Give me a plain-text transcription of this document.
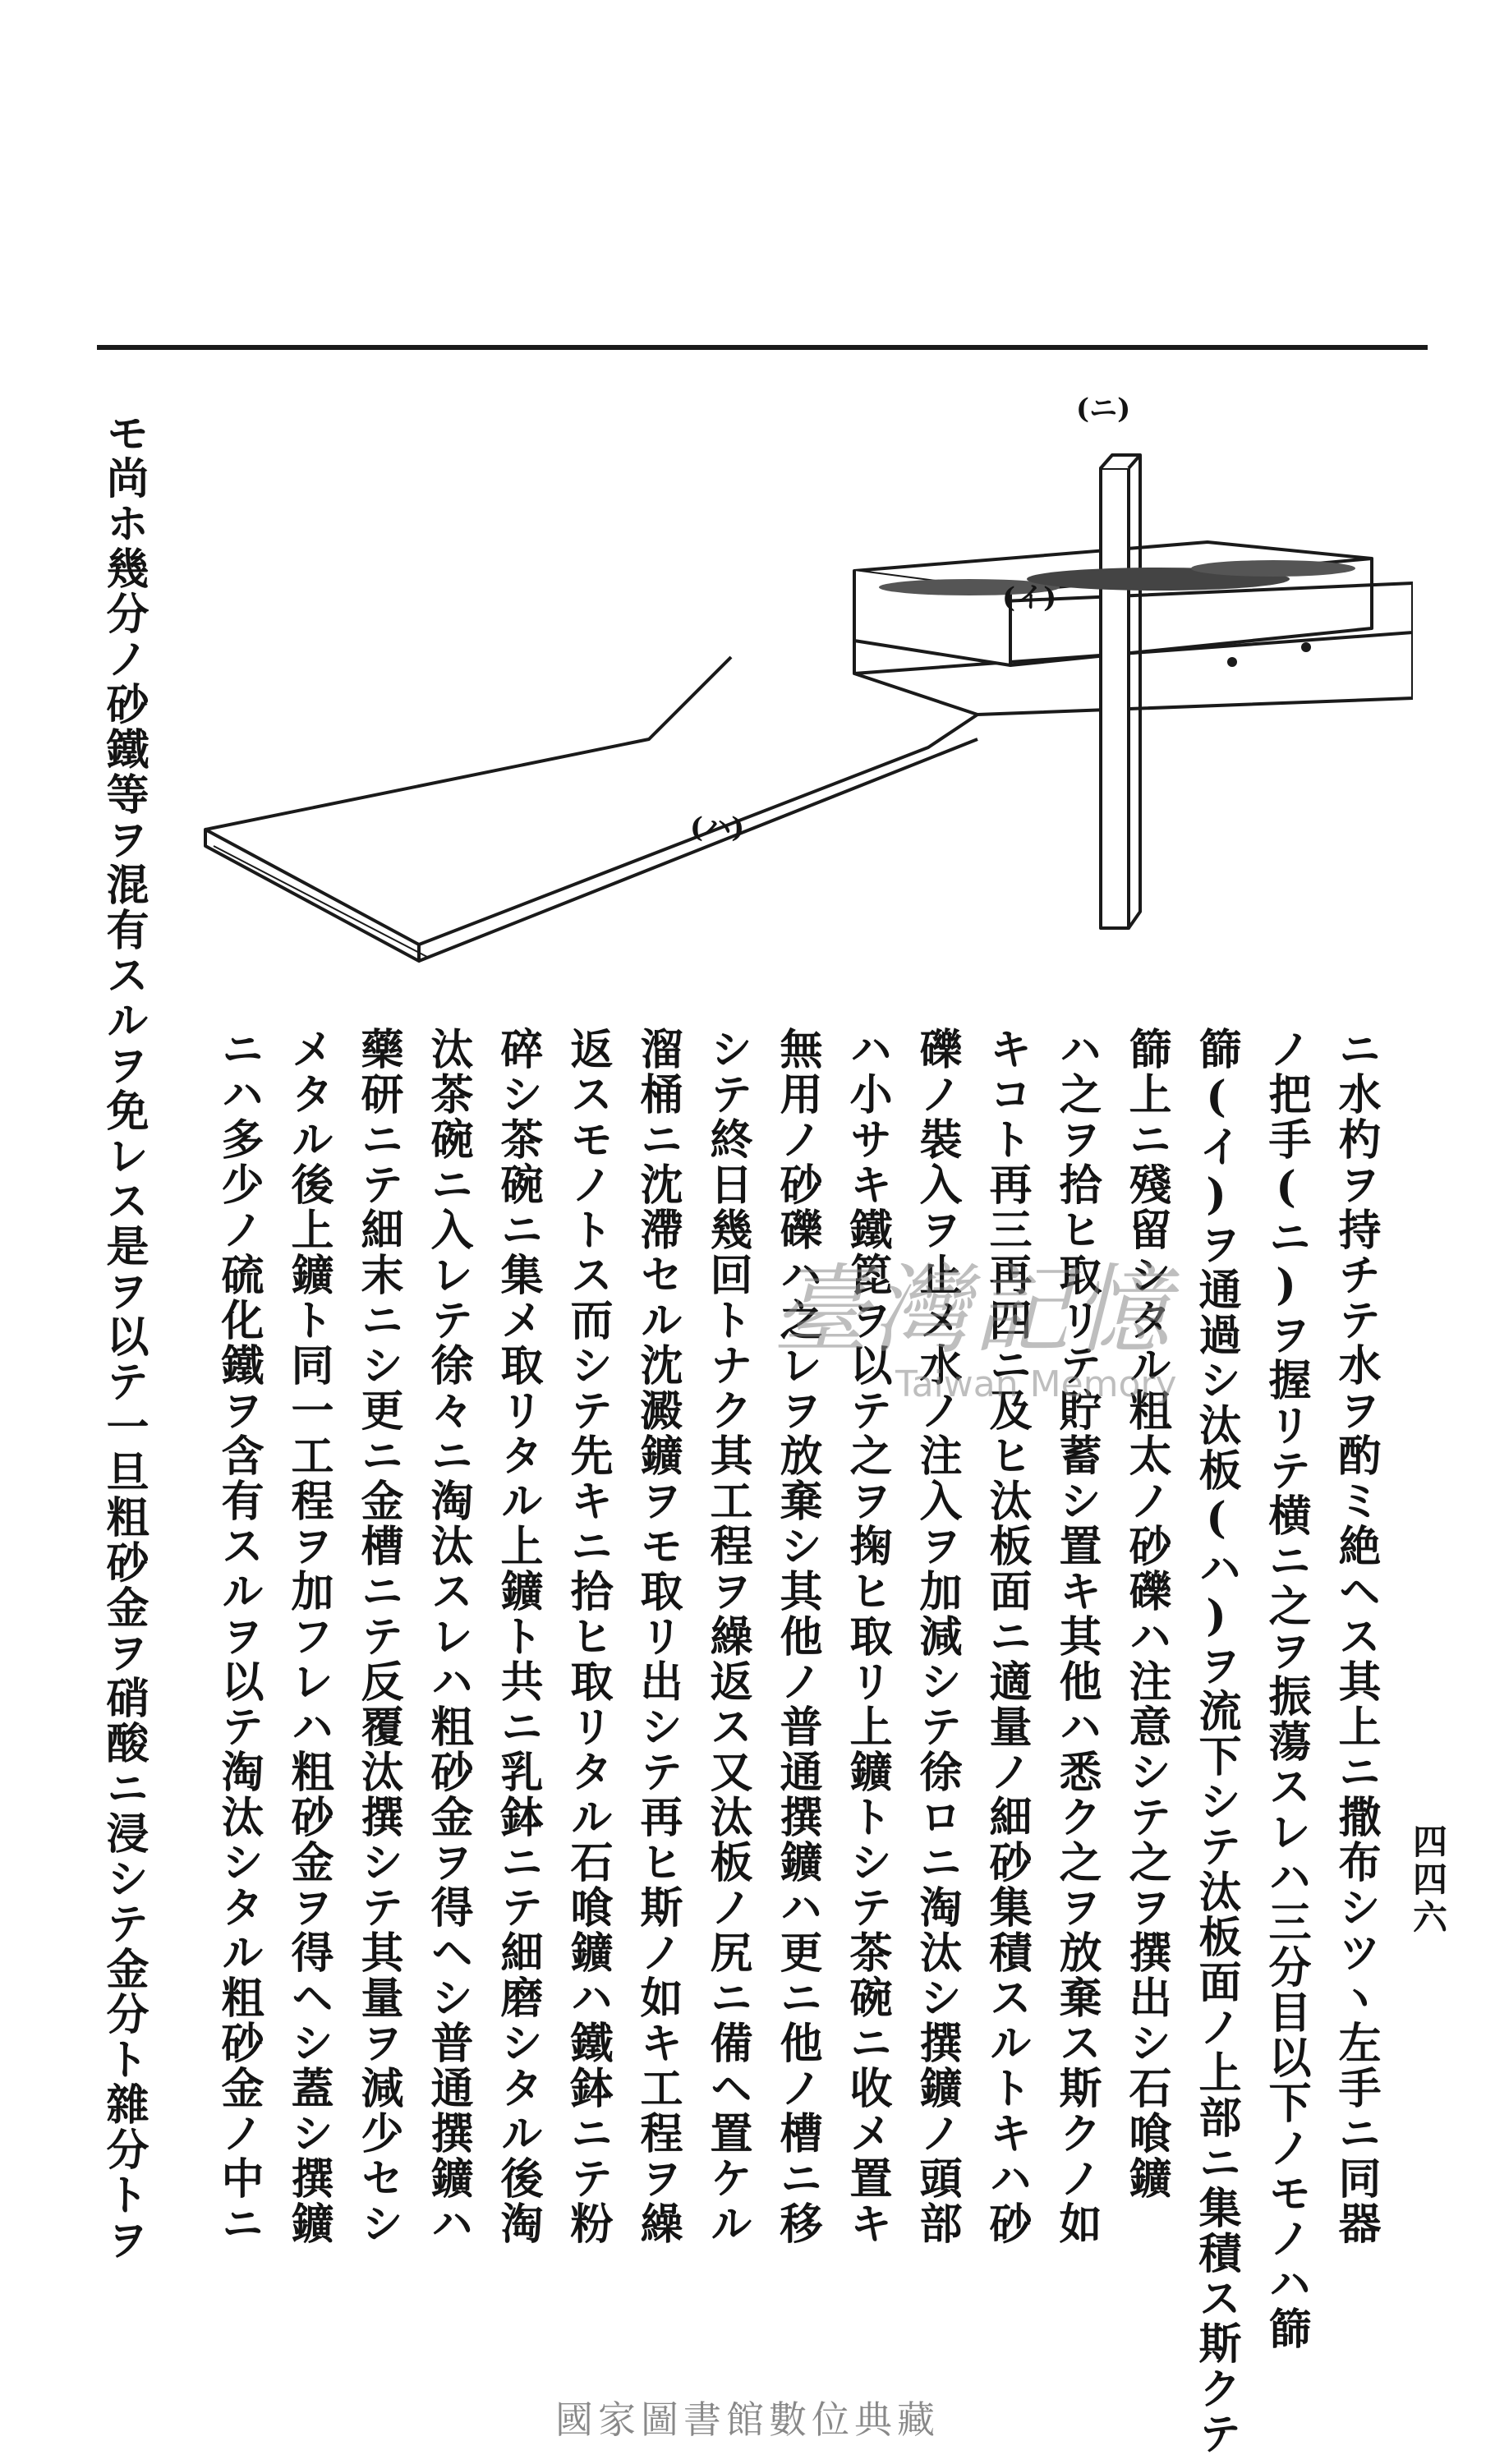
四四六
(ニ)
(イ)
(ハ)
モ尚ホ幾分ノ砂鐵等ヲ混有スルヲ免レス是ヲ以テ一旦粗砂金ヲ硝酸ニ浸シテ金分ト雜分トヲ	ニ水杓ヲ持チテ水ヲ酌ミ絶ヘス其上ニ撒布シツヽ左手ニ同器
ノ把手(ニ)ヲ握リテ横ニ之ヲ振蕩スレハ三分目以下ノモノハ篩
篩(イ)ヲ通過シ汰板(ハ)ヲ流下シテ汰板面ノ上部ニ集積ス斯クテ
篩上ニ殘留シタル粗太ノ砂礫ハ注意シテ之ヲ撰出シ石喰鑛
ハ之ヲ拾ヒ取リテ貯蓄シ置キ其他ハ悉ク之ヲ放棄ス斯クノ如
キコト再三再四ニ及ヒ汰板面ニ適量ノ細砂集積スルトキハ砂
礫ノ裝入ヲ止メ水ノ注入ヲ加減シテ徐ロニ淘汰シ撰鑛ノ頭部
ハ小サキ鐵箆ヲ以テ之ヲ掬ヒ取リ上鑛トシテ茶碗ニ收メ置キ
無用ノ砂礫ハ之レヲ放棄シ其他ノ普通撰鑛ハ更ニ他ノ槽ニ移
シテ終日幾回トナク其工程ヲ繰返ス又汰板ノ尻ニ備ヘ置ケル
溜桶ニ沈滯セル沈澱鑛ヲモ取リ出シテ再ヒ斯ノ如キ工程ヲ繰
返スモノトス而シテ先キニ拾ヒ取リタル石喰鑛ハ鐵鉢ニテ粉
碎シ茶碗ニ集メ取リタル上鑛ト共ニ乳鉢ニテ細磨シタル後淘
汰茶碗ニ入レテ徐々ニ淘汰スレハ粗砂金ヲ得ヘシ普通撰鑛ハ
藥研ニテ細末ニシ更ニ金槽ニテ反覆汰撰シテ其量ヲ減少セシ
メタル後上鑛ト同一工程ヲ加フレハ粗砂金ヲ得ヘシ蓋シ撰鑛
ニハ多少ノ硫化鐵ヲ含有スルヲ以テ淘汰シタル粗砂金ノ中ニ	臺灣記憶
Taiwan Memory
國家圖書館數位典藏
